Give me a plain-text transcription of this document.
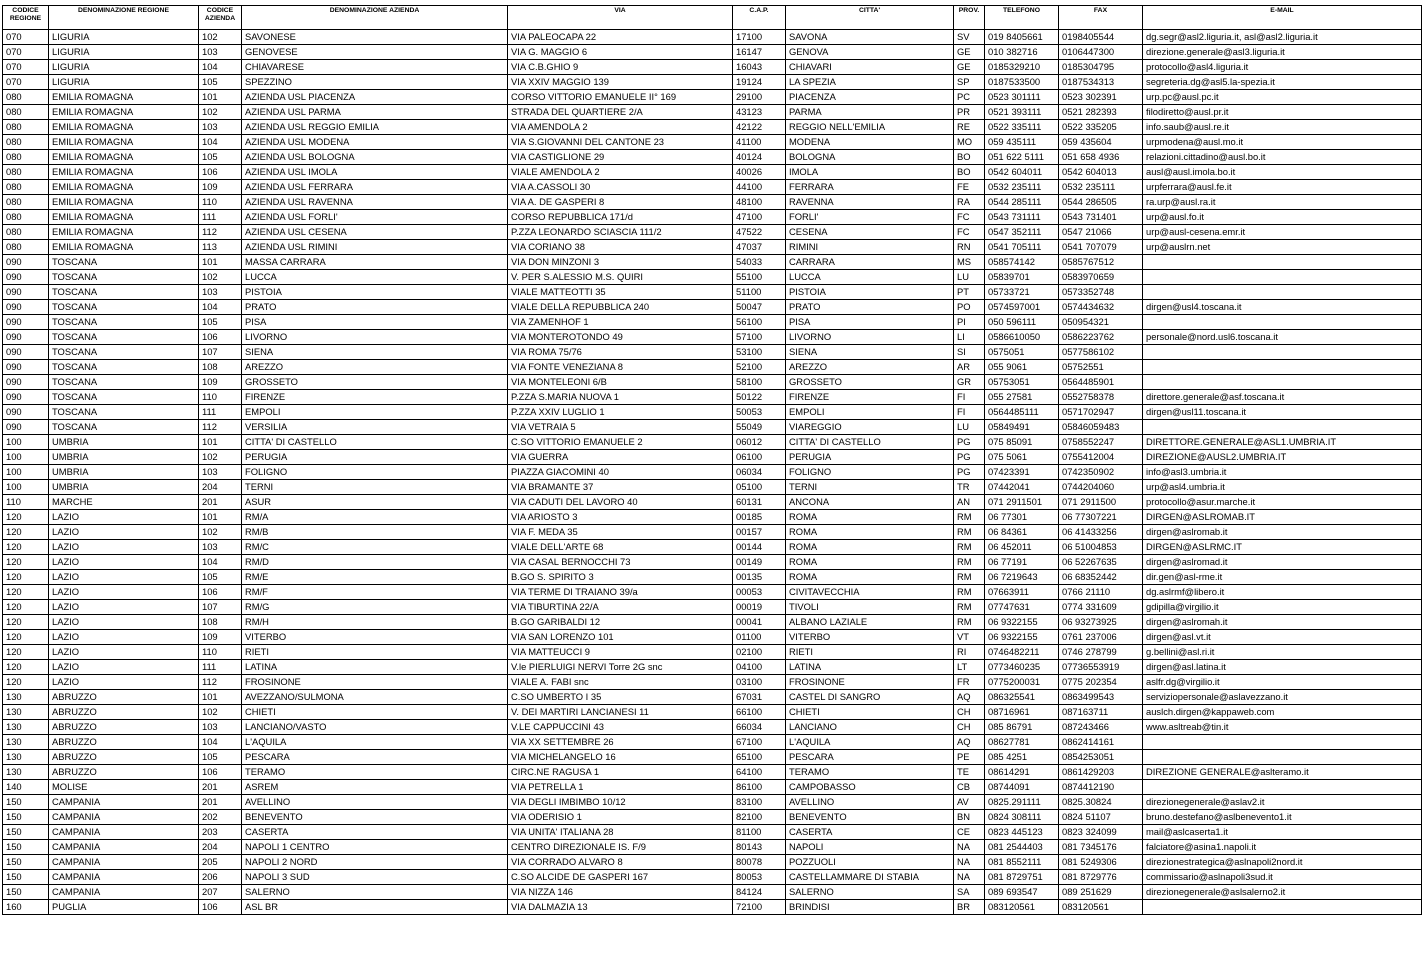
CODICE REGIONE	DENOMINAZIONE REGIONE	CODICE AZIENDA	DENOMINAZIONE AZIENDA	VIA	C.A.P.	CITTA'	PROV.	TELEFONO	FAX	E-MAIL
070	LIGURIA	102	SAVONESE	VIA PALEOCAPA 22	17100	SAVONA	SV	019 8405661	0198405544	dg.segr@asl2.liguria.it, asl@asl2.liguria.it
070	LIGURIA	103	GENOVESE	VIA G. MAGGIO 6	16147	GENOVA	GE	010 382716	0106447300	direzione.generale@asl3.liguria.it
070	LIGURIA	104	CHIAVARESE	VIA C.B.GHIO 9	16043	CHIAVARI	GE	0185329210	0185304795	protocollo@asl4.liguria.it
070	LIGURIA	105	SPEZZINO	VIA XXIV MAGGIO 139	19124	LA SPEZIA	SP	0187533500	0187534313	segreteria.dg@asl5.la-spezia.it
080	EMILIA ROMAGNA	101	AZIENDA USL PIACENZA	CORSO VITTORIO EMANUELE II° 169	29100	PIACENZA	PC	0523 301111	0523 302391	urp.pc@ausl.pc.it
080	EMILIA ROMAGNA	102	AZIENDA USL PARMA	STRADA DEL QUARTIERE 2/A	43123	PARMA	PR	0521 393111	0521 282393	filodiretto@ausl.pr.it
080	EMILIA ROMAGNA	103	AZIENDA USL REGGIO EMILIA	VIA AMENDOLA 2	42122	REGGIO NELL'EMILIA	RE	0522 335111	0522 335205	info.saub@ausl.re.it
080	EMILIA ROMAGNA	104	AZIENDA USL MODENA	VIA S.GIOVANNI DEL CANTONE 23	41100	MODENA	MO	059 435111	059 435604	urpmodena@ausl.mo.it
080	EMILIA ROMAGNA	105	AZIENDA USL BOLOGNA	VIA CASTIGLIONE 29	40124	BOLOGNA	BO	051 622 5111	051 658 4936	relazioni.cittadino@ausl.bo.it
080	EMILIA ROMAGNA	106	AZIENDA USL IMOLA	VIALE AMENDOLA 2	40026	IMOLA	BO	0542 604011	0542 604013	ausl@ausl.imola.bo.it
080	EMILIA ROMAGNA	109	AZIENDA USL FERRARA	VIA A.CASSOLI 30	44100	FERRARA	FE	0532 235111	0532 235111	urpferrara@ausl.fe.it
080	EMILIA ROMAGNA	110	AZIENDA USL RAVENNA	VIA A. DE GASPERI 8	48100	RAVENNA	RA	0544 285111	0544 286505	ra.urp@ausl.ra.it
080	EMILIA ROMAGNA	111	AZIENDA USL FORLI'	CORSO REPUBBLICA 171/d	47100	FORLI'	FC	0543 731111	0543 731401	urp@ausl.fo.it
080	EMILIA ROMAGNA	112	AZIENDA USL CESENA	P.ZZA LEONARDO SCIASCIA 111/2	47522	CESENA	FC	0547 352111	0547 21066	urp@ausl-cesena.emr.it
080	EMILIA ROMAGNA	113	AZIENDA USL RIMINI	VIA CORIANO 38	47037	RIMINI	RN	0541 705111	0541 707079	urp@auslrn.net
090	TOSCANA	101	MASSA CARRARA	VIA DON MINZONI 3	54033	CARRARA	MS	058574142	0585767512	
090	TOSCANA	102	LUCCA	V. PER S.ALESSIO M.S. QUIRI	55100	LUCCA	LU	05839701	0583970659	
090	TOSCANA	103	PISTOIA	VIALE MATTEOTTI 35	51100	PISTOIA	PT	05733721	0573352748	
090	TOSCANA	104	PRATO	VIALE DELLA REPUBBLICA 240	50047	PRATO	PO	0574597001	0574434632	dirgen@usl4.toscana.it
090	TOSCANA	105	PISA	VIA ZAMENHOF 1	56100	PISA	PI	050 596111	050954321	
090	TOSCANA	106	LIVORNO	VIA MONTEROTONDO 49	57100	LIVORNO	LI	0586610050	0586223762	personale@nord.usl6.toscana.it
090	TOSCANA	107	SIENA	VIA ROMA 75/76	53100	SIENA	SI	0575051	0577586102	
090	TOSCANA	108	AREZZO	VIA FONTE VENEZIANA 8	52100	AREZZO	AR	055 9061	05752551	
090	TOSCANA	109	GROSSETO	VIA MONTELEONI 6/B	58100	GROSSETO	GR	05753051	0564485901	
090	TOSCANA	110	FIRENZE	P.ZZA S.MARIA NUOVA 1	50122	FIRENZE	FI	055 27581	0552758378	direttore.generale@asf.toscana.it
090	TOSCANA	111	EMPOLI	P.ZZA XXIV LUGLIO 1	50053	EMPOLI	FI	0564485111	0571702947	dirgen@usl11.toscana.it
090	TOSCANA	112	VERSILIA	VIA VETRAIA 5	55049	VIAREGGIO	LU	05849491	05846059483	
100	UMBRIA	101	CITTA' DI CASTELLO	C.SO VITTORIO EMANUELE 2	06012	CITTA' DI CASTELLO	PG	075 85091	0758552247	DIRETTORE.GENERALE@ASL1.UMBRIA.IT
100	UMBRIA	102	PERUGIA	VIA GUERRA	06100	PERUGIA	PG	075 5061	0755412004	DIREZIONE@AUSL2.UMBRIA.IT
100	UMBRIA	103	FOLIGNO	PIAZZA GIACOMINI 40	06034	FOLIGNO	PG	07423391	0742350902	info@asl3.umbria.it
100	UMBRIA	204	TERNI	VIA BRAMANTE 37	05100	TERNI	TR	07442041	0744204060	urp@asl4.umbria.it
110	MARCHE	201	ASUR	VIA CADUTI DEL LAVORO 40	60131	ANCONA	AN	071 2911501	071 2911500	protocollo@asur.marche.it
120	LAZIO	101	RM/A	VIA ARIOSTO 3	00185	ROMA	RM	06 77301	06 77307221	DIRGEN@ASLROMAB.IT
120	LAZIO	102	RM/B	VIA F. MEDA 35	00157	ROMA	RM	06 84361	06 41433256	dirgen@aslromab.it
120	LAZIO	103	RM/C	VIALE DELL'ARTE 68	00144	ROMA	RM	06 452011	06 51004853	DIRGEN@ASLRMC.IT
120	LAZIO	104	RM/D	VIA CASAL BERNOCCHI 73	00149	ROMA	RM	06 77191	06 52267635	dirgen@aslromad.it
120	LAZIO	105	RM/E	B.GO S. SPIRITO 3	00135	ROMA	RM	06 7219643	06 68352442	dir.gen@asl-rme.it
120	LAZIO	106	RM/F	VIA TERME DI TRAIANO 39/a	00053	CIVITAVECCHIA	RM	07663911	0766 21110	dg.aslrmf@libero.it
120	LAZIO	107	RM/G	VIA TIBURTINA 22/A	00019	TIVOLI	RM	07747631	0774 331609	gdipilla@virgilio.it
120	LAZIO	108	RM/H	B.GO GARIBALDI 12	00041	ALBANO LAZIALE	RM	06 9322155	06 93273925	dirgen@aslromah.it
120	LAZIO	109	VITERBO	VIA SAN LORENZO 101	01100	VITERBO	VT	06 9322155	0761 237006	dirgen@asl.vt.it
120	LAZIO	110	RIETI	VIA MATTEUCCI 9	02100	RIETI	RI	0746482211	0746 278799	g.bellini@asl.ri.it
120	LAZIO	111	LATINA	V.le PIERLUIGI NERVI Torre 2G snc	04100	LATINA	LT	0773460235	07736553919	dirgen@asl.latina.it
120	LAZIO	112	FROSINONE	VIALE A. FABI snc	03100	FROSINONE	FR	0775200031	0775 202354	aslfr.dg@virgilio.it
130	ABRUZZO	101	AVEZZANO/SULMONA	C.SO UMBERTO I 35	67031	CASTEL DI SANGRO	AQ	086325541	0863499543	serviziopersonale@aslavezzano.it
130	ABRUZZO	102	CHIETI	V. DEI MARTIRI LANCIANESI 11	66100	CHIETI	CH	08716961	087163711	auslch.dirgen@kappaweb.com
130	ABRUZZO	103	LANCIANO/VASTO	V.LE CAPPUCCINI 43	66034	LANCIANO	CH	085 86791	087243466	www.asltreab@tin.it
130	ABRUZZO	104	L'AQUILA	VIA XX SETTEMBRE 26	67100	L'AQUILA	AQ	08627781	0862414161	
130	ABRUZZO	105	PESCARA	VIA MICHELANGELO 16	65100	PESCARA	PE	085 4251	0854253051	
130	ABRUZZO	106	TERAMO	CIRC.NE RAGUSA 1	64100	TERAMO	TE	08614291	0861429203	DIREZIONE GENERALE@aslteramo.it
140	MOLISE	201	ASREM	VIA PETRELLA 1	86100	CAMPOBASSO	CB	08744091	0874412190	
150	CAMPANIA	201	AVELLINO	VIA DEGLI IMBIMBO 10/12	83100	AVELLINO	AV	0825.291111	0825.30824	direzionegenerale@aslav2.it
150	CAMPANIA	202	BENEVENTO	VIA ODERISIO 1	82100	BENEVENTO	BN	0824 308111	0824 51107	bruno.destefano@aslbenevento1.it
150	CAMPANIA	203	CASERTA	VIA UNITA' ITALIANA 28	81100	CASERTA	CE	0823 445123	0823 324099	mail@aslcaserta1.it
150	CAMPANIA	204	NAPOLI 1 CENTRO	CENTRO DIREZIONALE IS. F/9	80143	NAPOLI	NA	081 2544403	081 7345176	falciatore@asina1.napoli.it
150	CAMPANIA	205	NAPOLI 2 NORD	VIA CORRADO ALVARO 8	80078	POZZUOLI	NA	081 8552111	081 5249306	direzionestrategica@aslnapoli2nord.it
150	CAMPANIA	206	NAPOLI 3 SUD	C.SO ALCIDE DE GASPERI 167	80053	CASTELLAMMARE DI STABIA	NA	081 8729751	081 8729776	commissario@aslnapoli3sud.it
150	CAMPANIA	207	SALERNO	VIA NIZZA 146	84124	SALERNO	SA	089 693547	089 251629	direzionegenerale@aslsalerno2.it
160	PUGLIA	106	ASL BR	VIA DALMAZIA 13	72100	BRINDISI	BR	083120561	083120561	
